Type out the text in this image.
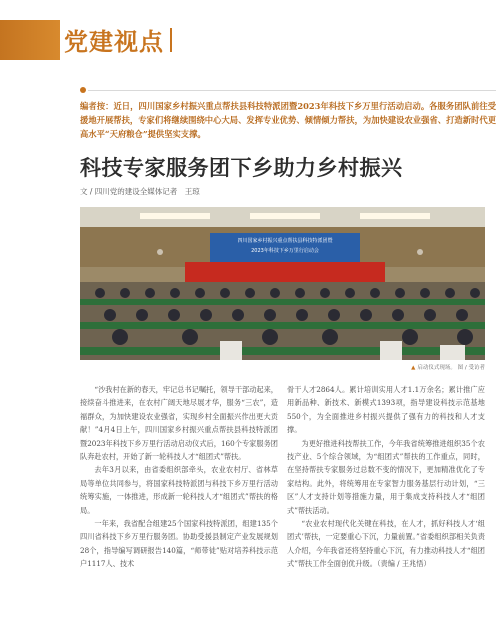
党建视点
编者按：近日，四川国家乡村振兴重点帮扶县科技特派团暨2023年科技下乡万里行活动启动。各服务团队前往受援地开展帮扶，专家们将继续围绕中心大局、发挥专业优势、倾情倾力帮扶，为加快建设农业强省、打造新时代更高水平“天府粮仓”提供坚实支撑。
科技专家服务团下乡助力乡村振兴
文 / 四川党的建设全媒体记者　王琼
四川国家乡村振兴重点帮扶县科技特派团暨
2023年科技下乡万里行启动会
▲ 启动仪式现场。 图 / 受访者

“沙我村在新的春天，牢记总书记嘱托，领导干部动起来，接续奋斗推进来，在农村广阔天地尽展才华，服务“三农”，造福群众，为加快建设农业强省，实现乡村全面振兴作出更大贡献！”4月4日上午，四川国家乡村振兴重点帮扶县科技特派团暨2023年科技下乡万里行活动启动仪式后，160个专家服务团队奔赴农村，开始了新一轮科技人才“组团式”帮扶。

去年3月以来，由省委组织部牵头，农业农村厅、省林草局等单位共同参与，将国家科技特派团与科技下乡万里行活动统筹实施，一体推进，形成新一轮科技人才“组团式”帮扶的格局。

一年来，我省配合组建25个国家科技特派团，组建135个四川省科技下乡万里行服务团。协助受援县制定产业发展规划28个，指导编写调研报告140篇，“师带徒”贴对培养科技示范户1117人、技术

骨干人才2864人。累计培训实用人才1.1万余名；累计推广应用新品种、新技术、新模式1393项，指导建设科技示范基地550个，为全面推进乡村振兴提供了强有力的科技和人才支撑。

为更好推进科技帮扶工作，今年我省统筹推进组织35个农技产业、5个综合领域，为“组团式”帮扶的工作重点，同时，在坚持帮扶专家服务过总数不变的情况下，更加精准优化了专家结构。此外，将统筹用在专家智力服务基层行动计划，“三区”人才支持计划等措施力量，用于集成支持科技人才“组团式”帮扶活动。

“农业农村现代化关键在科技，在人才，抓好科技人才‘组团式’帮扶，一定要重心下沉，力量前置。”省委组织部相关负责人介绍，今年我省还将坚持重心下沉，有力推动科技人才“组团式”帮扶工作全面创优升级。（责编 / 王兆悟）
